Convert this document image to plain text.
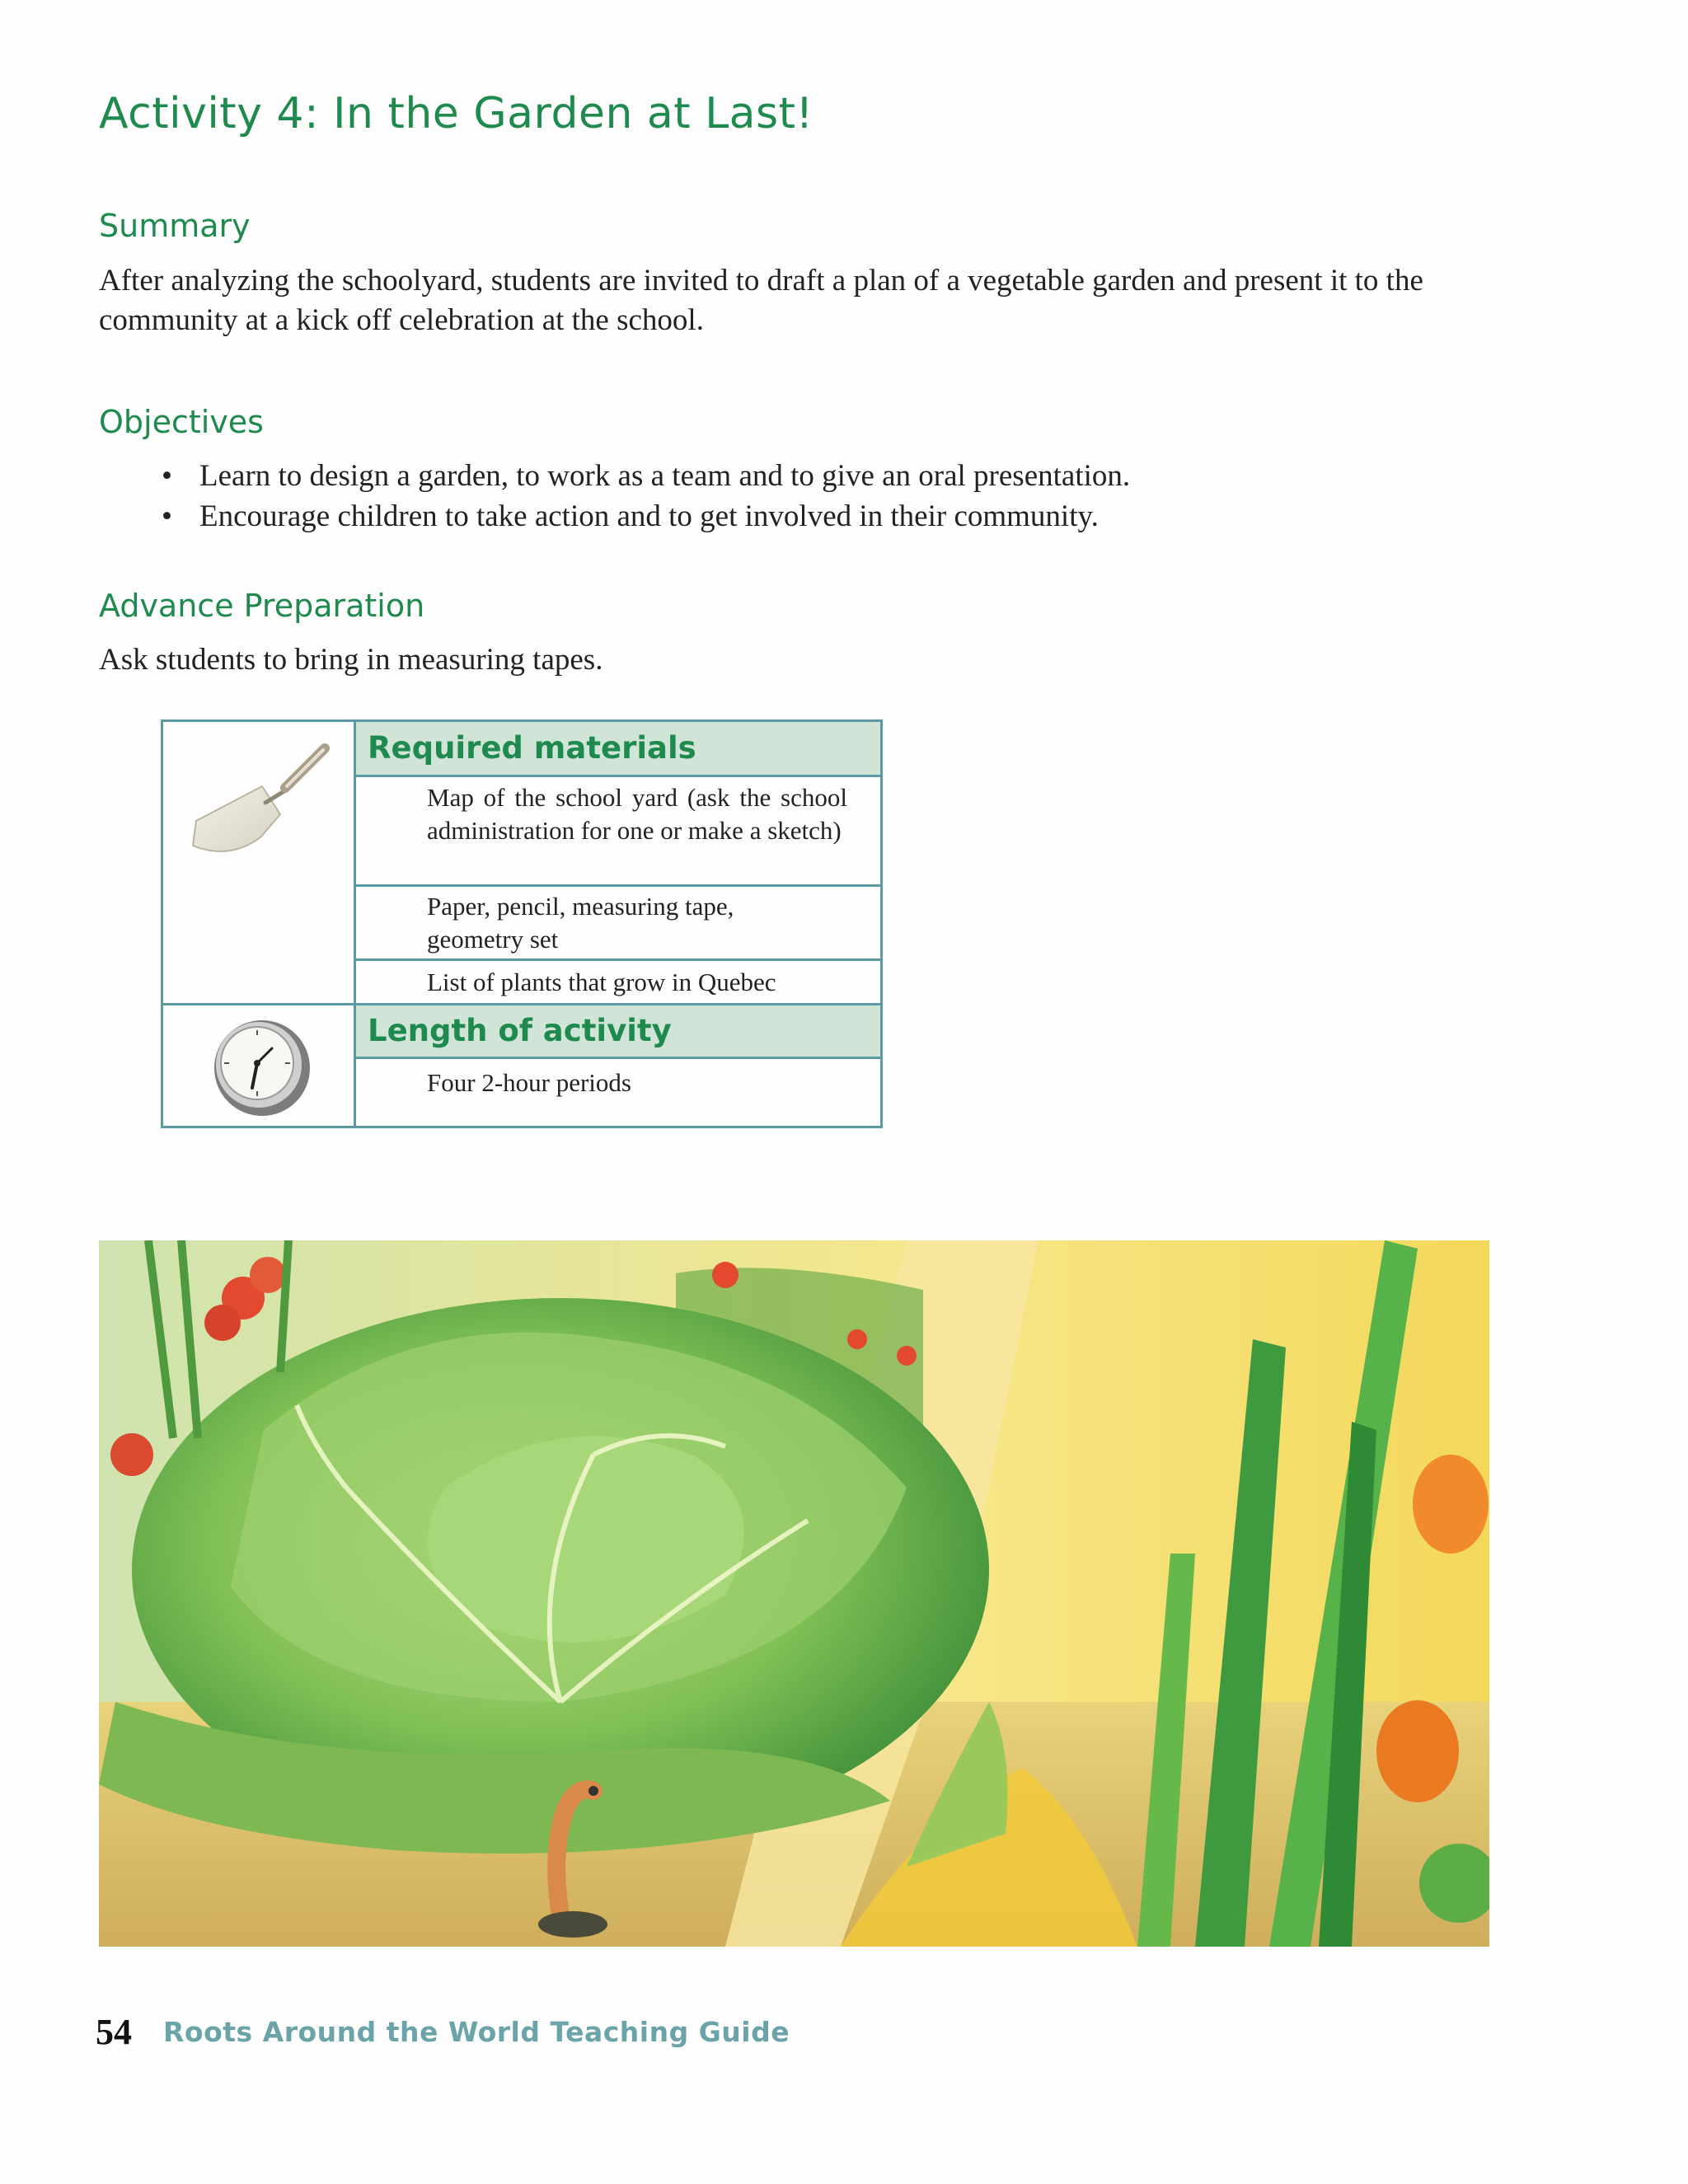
Activity 4: In the Garden at Last!
Summary

After analyzing the schoolyard, students are invited to draft a plan of a vegetable garden and present it to the community at a kick off celebration at the school.

Objectives
• Learn to design a garden, to work as a team and to give an oral presentation.
• Encourage children to take action and to get involved in their community.
Advance Preparation

Ask students to bring in measuring tapes.

Required materials
Map of the school yard (ask the school administration for one or make a sketch)
Paper, pencil, measuring tape, geometry set
List of plants that grow in Quebec
Length of activity
Four 2-hour periods
54 Roots Around the World Teaching Guide
